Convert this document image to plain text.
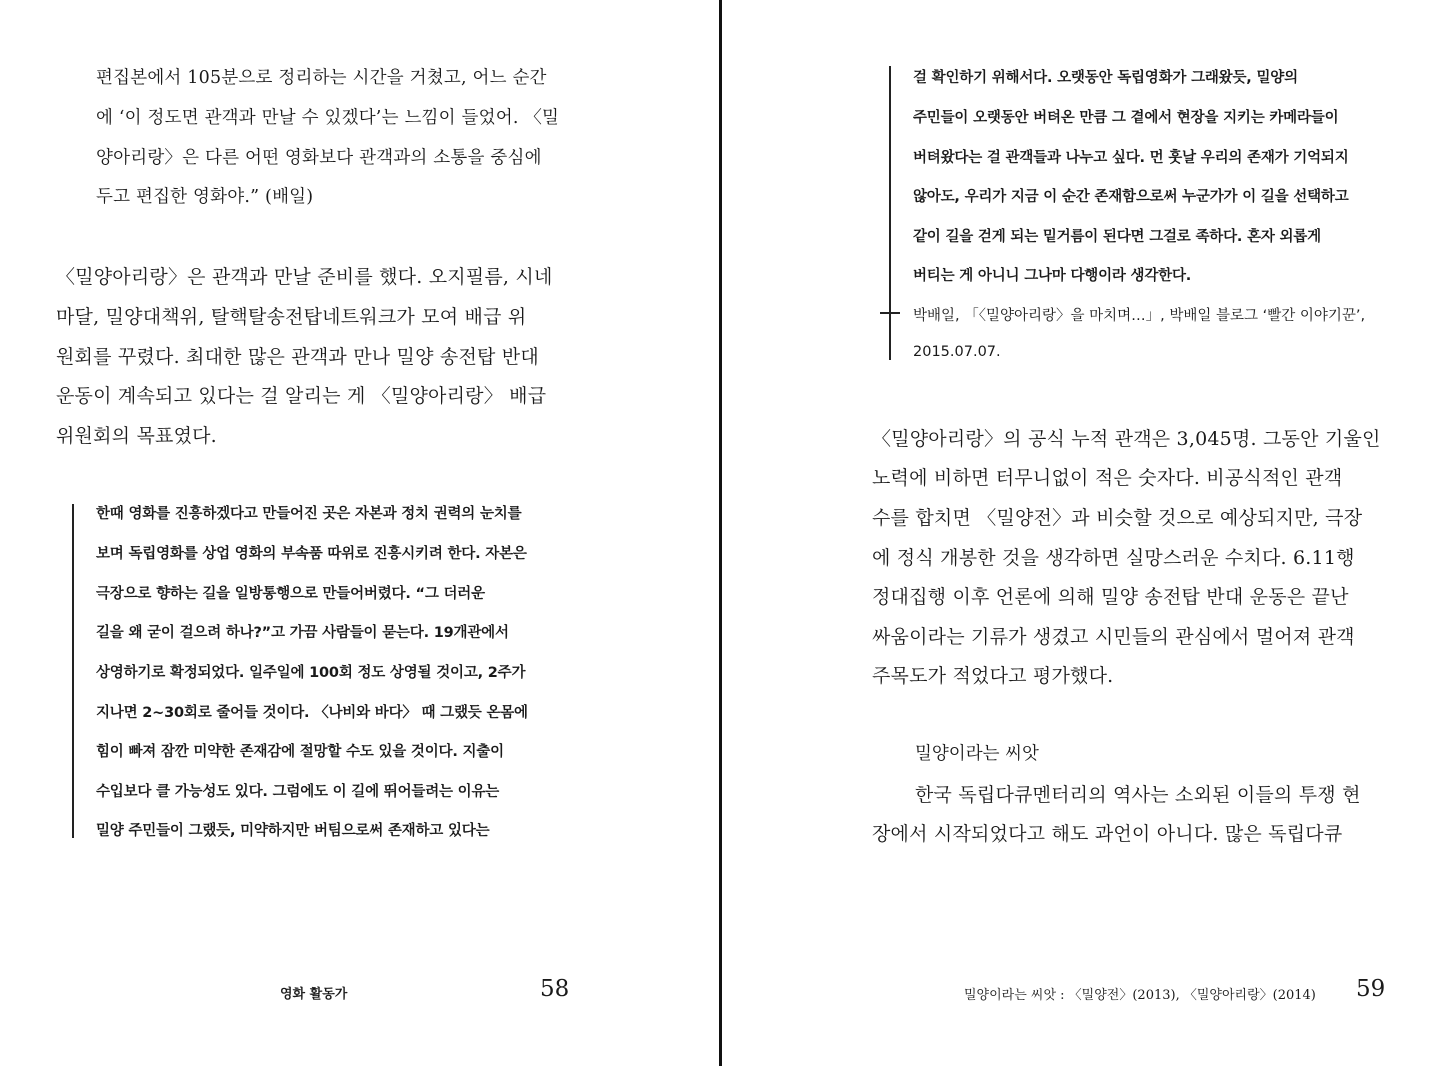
편집본에서 105분으로 정리하는 시간을 거쳤고, 어느 순간

에 ‘이 정도면 관객과 만날 수 있겠다’는 느낌이 들었어. 〈밀

양아리랑〉은 다른 어떤 영화보다 관객과의 소통을 중심에

두고 편집한 영화야.” (배일)

〈밀양아리랑〉은 관객과 만날 준비를 했다. 오지필름, 시네

마달, 밀양대책위, 탈핵탈송전탑네트워크가 모여 배급 위

원회를 꾸렸다. 최대한 많은 관객과 만나 밀양 송전탑 반대

운동이 계속되고 있다는 걸 알리는 게 〈밀양아리랑〉 배급

위원회의 목표였다.

한때 영화를 진흥하겠다고 만들어진 곳은 자본과 정치 권력의 눈치를

보며 독립영화를 상업 영화의 부속품 따위로 진흥시키려 한다. 자본은

극장으로 향하는 길을 일방통행으로 만들어버렸다. “그 더러운

길을 왜 굳이 걸으려 하나?”고 가끔 사람들이 묻는다. 19개관에서

상영하기로 확정되었다. 일주일에 100회 정도 상영될 것이고, 2주가

지나면 2~30회로 줄어들 것이다. 〈나비와 바다〉 때 그랬듯 온몸에

힘이 빠져 잠깐 미약한 존재감에 절망할 수도 있을 것이다. 지출이

수입보다 클 가능성도 있다. 그럼에도 이 길에 뛰어들려는 이유는

밀양 주민들이 그랬듯, 미약하지만 버팀으로써 존재하고 있다는

영화 활동가	58

걸 확인하기 위해서다. 오랫동안 독립영화가 그래왔듯, 밀양의

주민들이 오랫동안 버텨온 만큼 그 곁에서 현장을 지키는 카메라들이

버텨왔다는 걸 관객들과 나누고 싶다. 먼 훗날 우리의 존재가 기억되지

않아도, 우리가 지금 이 순간 존재함으로써 누군가가 이 길을 선택하고

같이 길을 걷게 되는 밑거름이 된다면 그걸로 족하다. 혼자 외롭게

버티는 게 아니니 그나마 다행이라 생각한다.

박배일, 「〈밀양아리랑〉을 마치며…」, 박배일 블로그 ‘빨간 이야기꾼’,

2015.07.07.

〈밀양아리랑〉의 공식 누적 관객은 3,045명. 그동안 기울인

노력에 비하면 터무니없이 적은 숫자다. 비공식적인 관객

수를 합치면 〈밀양전〉과 비슷할 것으로 예상되지만, 극장

에 정식 개봉한 것을 생각하면 실망스러운 수치다. 6.11행

정대집행 이후 언론에 의해 밀양 송전탑 반대 운동은 끝난

싸움이라는 기류가 생겼고 시민들의 관심에서 멀어져 관객

주목도가 적었다고 평가했다.

밀양이라는 씨앗

한국 독립다큐멘터리의 역사는 소외된 이들의 투쟁 현

장에서 시작되었다고 해도 과언이 아니다. 많은 독립다큐

밀양이라는 씨앗 : 〈밀양전〉(2013), 〈밀양아리랑〉(2014) 59
